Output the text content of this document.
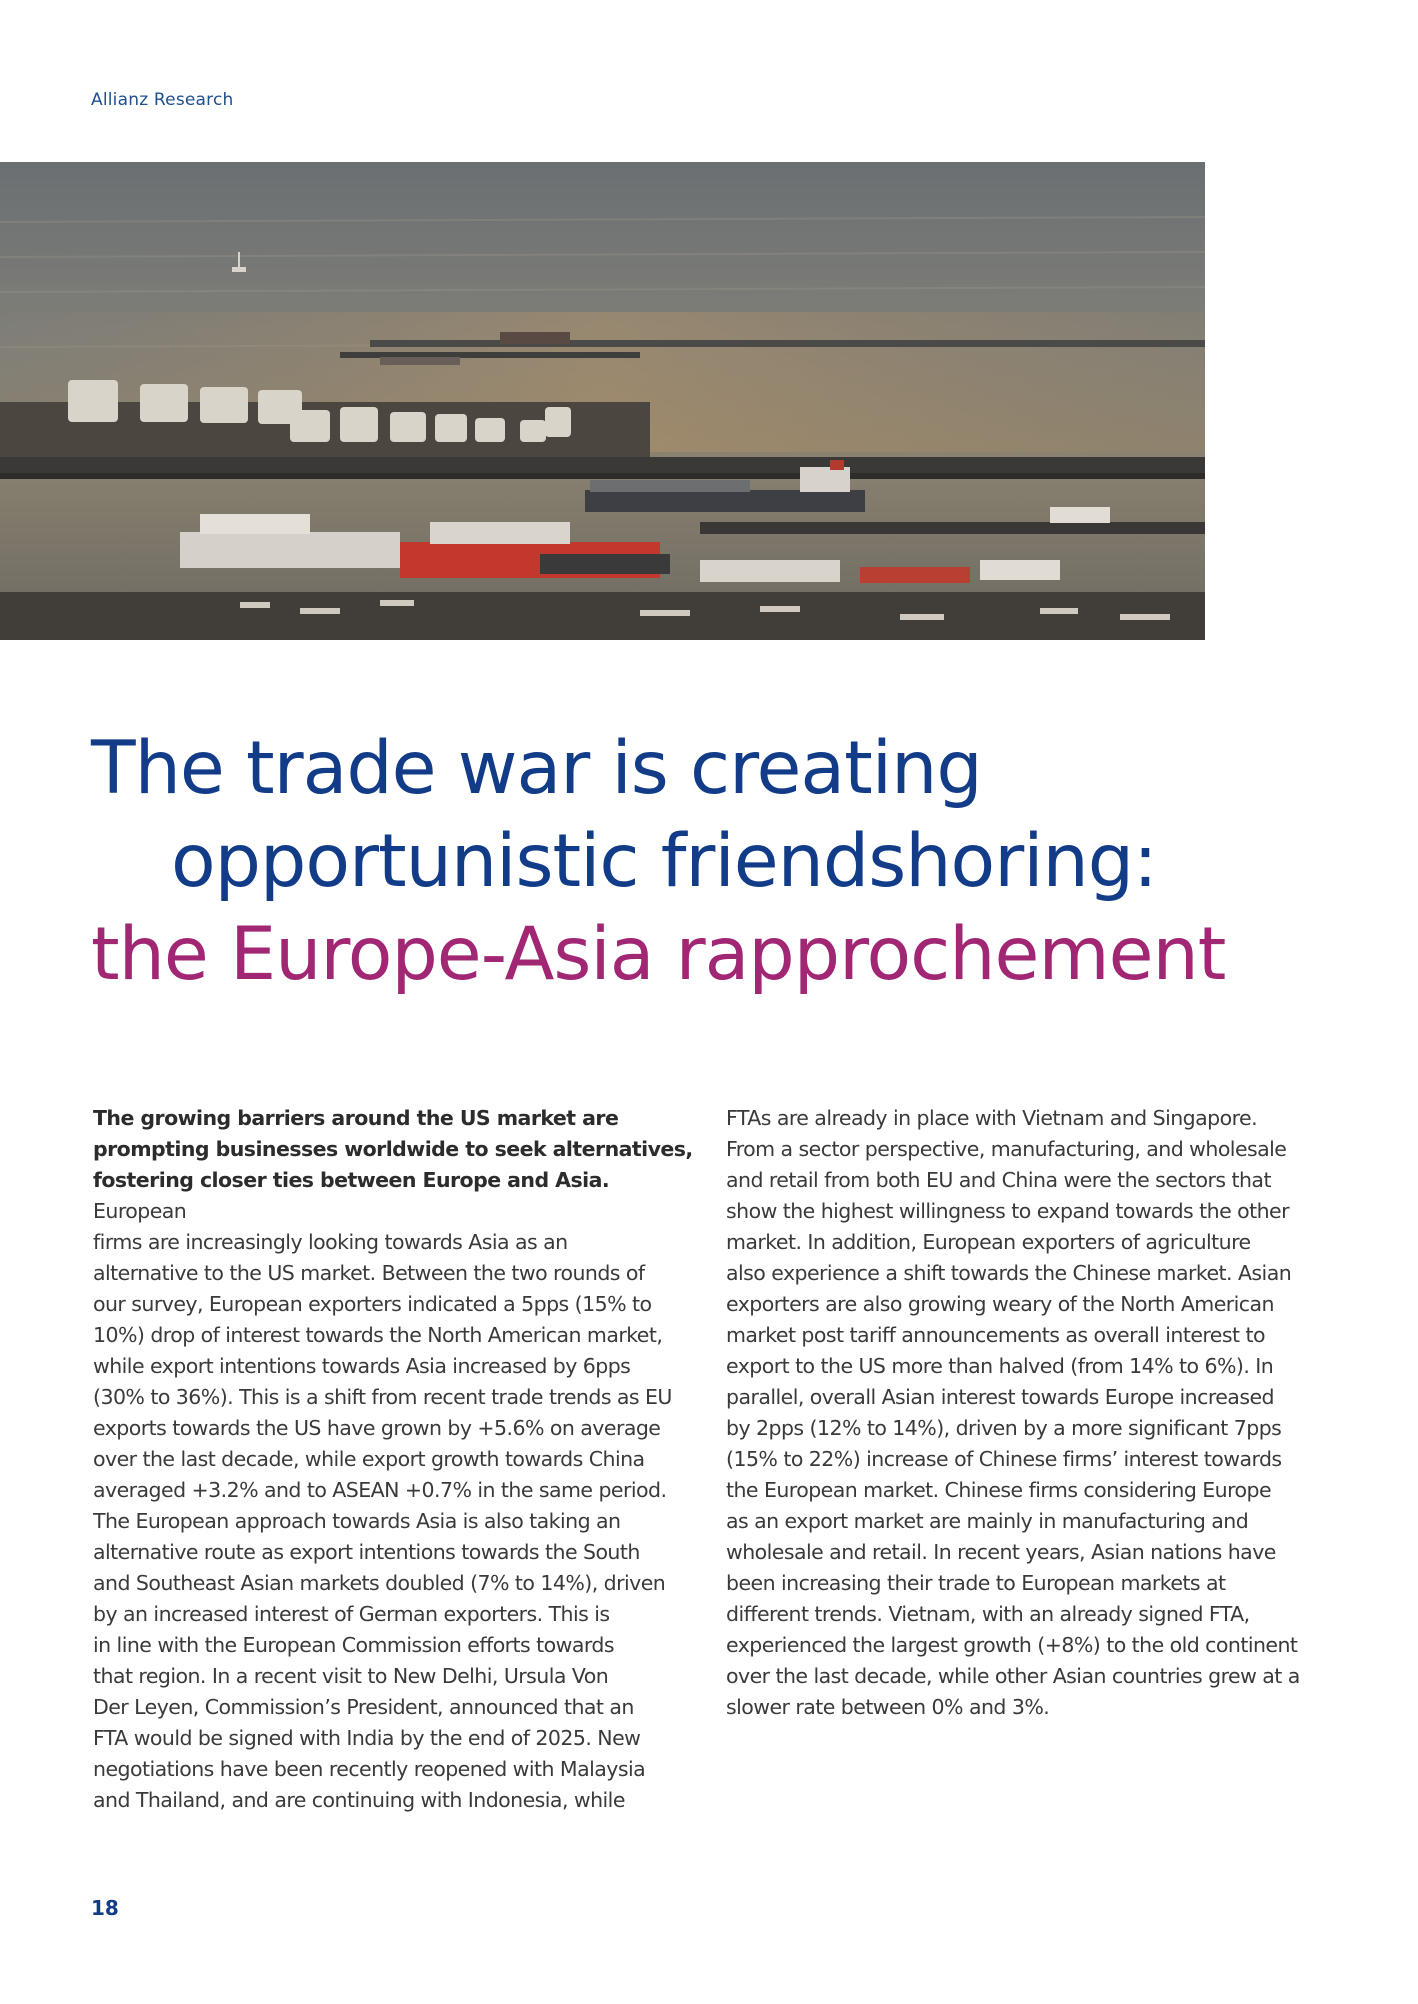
Allianz Research
The trade war is creating
opportunistic friendshoring:
the Europe-Asia rapprochement
The growing barriers around the US market are
prompting businesses worldwide to seek alternatives,
fostering closer ties between Europe and Asia. European
firms are increasingly looking towards Asia as an
alternative to the US market. Between the two rounds of
our survey, European exporters indicated a 5pps (15% to
10%) drop of interest towards the North American market,
while export intentions towards Asia increased by 6pps
(30% to 36%). This is a shift from recent trade trends as EU
exports towards the US have grown by +5.6% on average
over the last decade, while export growth towards China
averaged +3.2% and to ASEAN +0.7% in the same period.
The European approach towards Asia is also taking an
alternative route as export intentions towards the South
and Southeast Asian markets doubled (7% to 14%), driven
by an increased interest of German exporters. This is
in line with the European Commission efforts towards
that region. In a recent visit to New Delhi, Ursula Von
Der Leyen, Commission’s President, announced that an
FTA would be signed with India by the end of 2025. New
negotiations have been recently reopened with Malaysia
and Thailand, and are continuing with Indonesia, while
FTAs are already in place with Vietnam and Singapore.
From a sector perspective, manufacturing, and wholesale
and retail from both EU and China were the sectors that
show the highest willingness to expand towards the other
market. In addition, European exporters of agriculture
also experience a shift towards the Chinese market. Asian
exporters are also growing weary of the North American
market post tariff announcements as overall interest to
export to the US more than halved (from 14% to 6%). In
parallel, overall Asian interest towards Europe increased
by 2pps (12% to 14%), driven by a more significant 7pps
(15% to 22%) increase of Chinese firms’ interest towards
the European market. Chinese firms considering Europe
as an export market are mainly in manufacturing and
wholesale and retail. In recent years, Asian nations have
been increasing their trade to European markets at
different trends. Vietnam, with an already signed FTA,
experienced the largest growth (+8%) to the old continent
over the last decade, while other Asian countries grew at a
slower rate between 0% and 3%.
18
